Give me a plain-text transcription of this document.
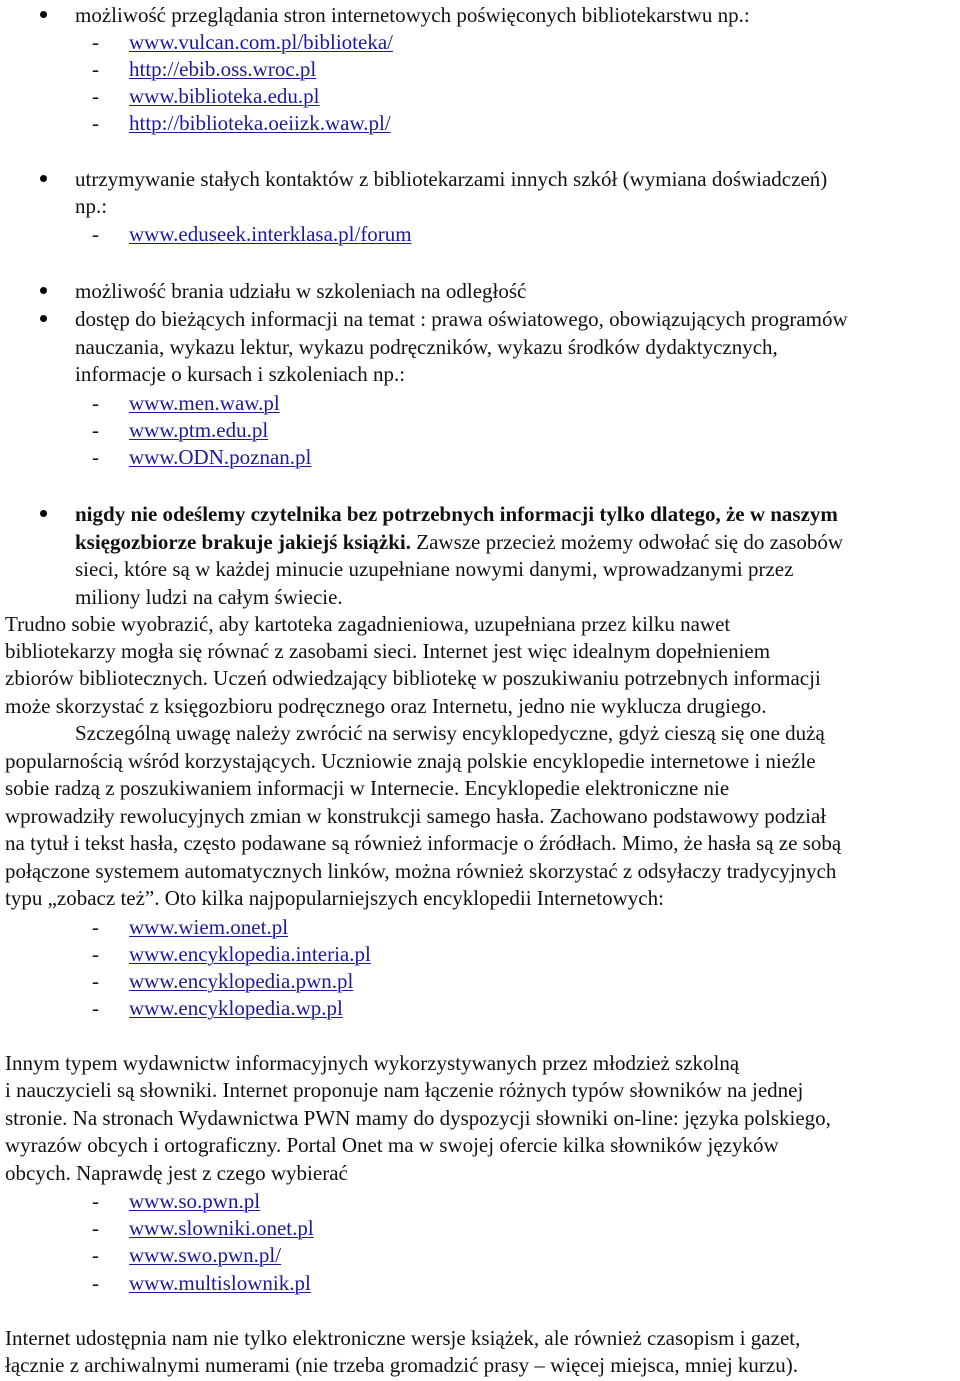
możliwość przeglądania stron internetowych poświęconych bibliotekarstwu np.:
- www.vulcan.com.pl/biblioteka/
- http://ebib.oss.wroc.pl
- www.biblioteka.edu.pl
- http://biblioteka.oeiizk.waw.pl/
utrzymywanie stałych kontaktów z bibliotekarzami innych szkół (wymiana doświadczeń)
np.:
- www.eduseek.interklasa.pl/forum
możliwość brania udziału w szkoleniach na odległość
dostęp do bieżących informacji na temat : prawa oświatowego, obowiązujących programów
nauczania, wykazu lektur, wykazu podręczników, wykazu środków dydaktycznych,
informacje o kursach i szkoleniach np.:
- www.men.waw.pl
- www.ptm.edu.pl
- www.ODN.poznan.pl
nigdy nie odeślemy czytelnika bez potrzebnych informacji tylko dlatego, że w naszym
księgozbiorze brakuje jakiejś książki. Zawsze przecież możemy odwołać się do zasobów
sieci, które są w każdej minucie uzupełniane nowymi danymi, wprowadzanymi przez
miliony ludzi na całym świecie.
Trudno sobie wyobrazić, aby kartoteka zagadnieniowa, uzupełniana przez kilku nawet
bibliotekarzy mogła się równać z zasobami sieci. Internet jest więc idealnym dopełnieniem
zbiorów bibliotecznych. Uczeń odwiedzający bibliotekę w poszukiwaniu potrzebnych informacji
może skorzystać z księgozbioru podręcznego oraz Internetu, jedno nie wyklucza drugiego.
Szczególną uwagę należy zwrócić na serwisy encyklopedyczne, gdyż cieszą się one dużą
popularnością wśród korzystających. Uczniowie znają polskie encyklopedie internetowe i nieźle
sobie radzą z poszukiwaniem informacji w Internecie. Encyklopedie elektroniczne nie
wprowadziły rewolucyjnych zmian w konstrukcji samego hasła. Zachowano podstawowy podział
na tytuł i tekst hasła, często podawane są również informacje o źródłach. Mimo, że hasła są ze sobą
połączone systemem automatycznych linków, można również skorzystać z odsyłaczy tradycyjnych
typu „zobacz też”. Oto kilka najpopularniejszych encyklopedii Internetowych:
- www.wiem.onet.pl
- www.encyklopedia.interia.pl
- www.encyklopedia.pwn.pl
- www.encyklopedia.wp.pl
Innym typem wydawnictw informacyjnych wykorzystywanych przez młodzież szkolną
i nauczycieli są słowniki. Internet proponuje nam łączenie różnych typów słowników na jednej
stronie. Na stronach Wydawnictwa PWN mamy do dyspozycji słowniki on-line: języka polskiego,
wyrazów obcych i ortograficzny. Portal Onet ma w swojej ofercie kilka słowników języków
obcych. Naprawdę jest z czego wybierać
- www.so.pwn.pl
- www.slowniki.onet.pl
- www.swo.pwn.pl/
- www.multislownik.pl
Internet udostępnia nam nie tylko elektroniczne wersje książek, ale również czasopism i gazet,
łącznie z archiwalnymi numerami (nie trzeba gromadzić prasy – więcej miejsca, mniej kurzu).
